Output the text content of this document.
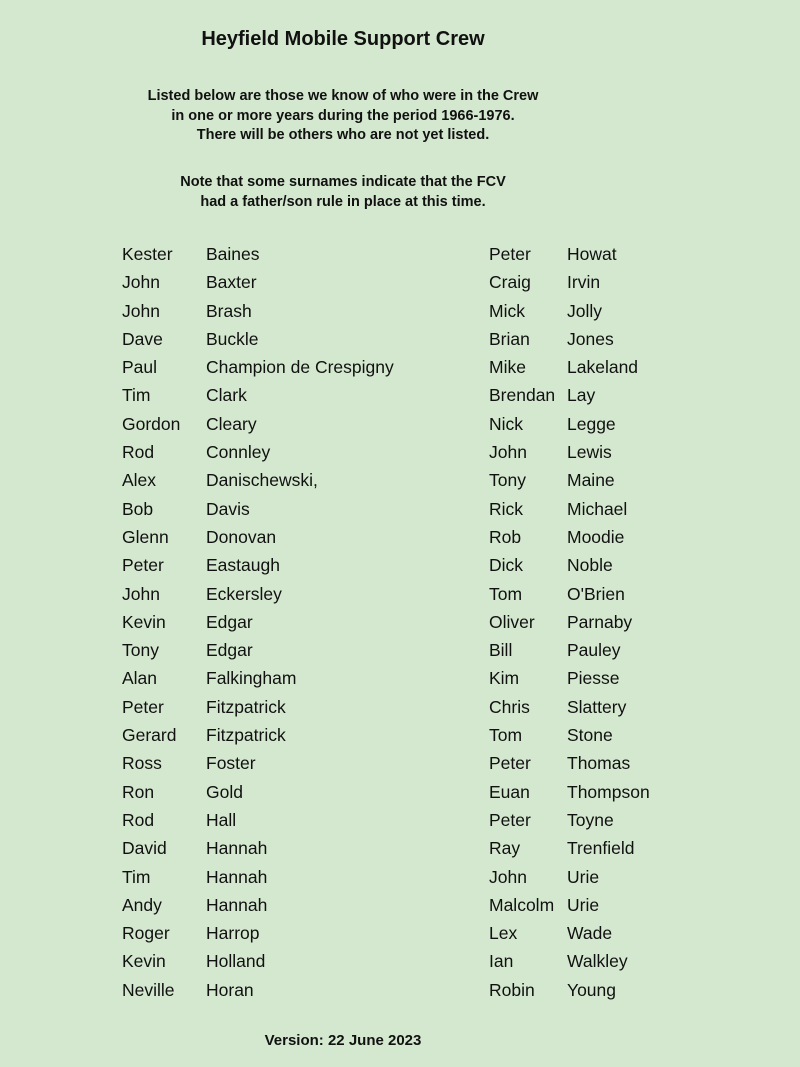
Heyfield Mobile Support Crew
Listed below are those we know of who were in the Crew
in one or more years during the period 1966-1976.
There will be others who are not yet listed.
Note that some surnames indicate that the FCV
had a father/son rule in place at this time.
Kester Baines
John	Baxter
John	Brash
Dave Buckle
Paul	Champion de Crespigny
Tim	Clark
Gordon Cleary
Rod	Connley
Alex	Danischewski,
Bob	Davis
Glenn Donovan
Peter Eastaugh
John	Eckersley
Kevin Edgar
Tony	Edgar
Alan	Falkingham
Peter Fitzpatrick
Gerard Fitzpatrick
Ross	Foster
Ron	Gold
Rod	Hall
David Hannah
Tim	Hannah
Andy	Hannah
Roger Harrop
Kevin Holland
Neville Horan
Peter Howat
Craig Irvin
Mick Jolly
Brian Jones
Mike Lakeland
Brendan Lay
Nick	Legge
John Lewis
Tony Maine
Rick	Michael
Rob	Moodie
Dick	Noble
Tom	O'Brien
Oliver Parnaby
Bill	Pauley
Kim	Piesse
Chris Slattery
Tom	Stone
Peter Thomas
Euan Thompson
Peter Toyne
Ray	Trenfield
John Urie
Malcolm Urie
Lex	Wade
Ian	Walkley
Robin Young
Version: 22 June 2023
